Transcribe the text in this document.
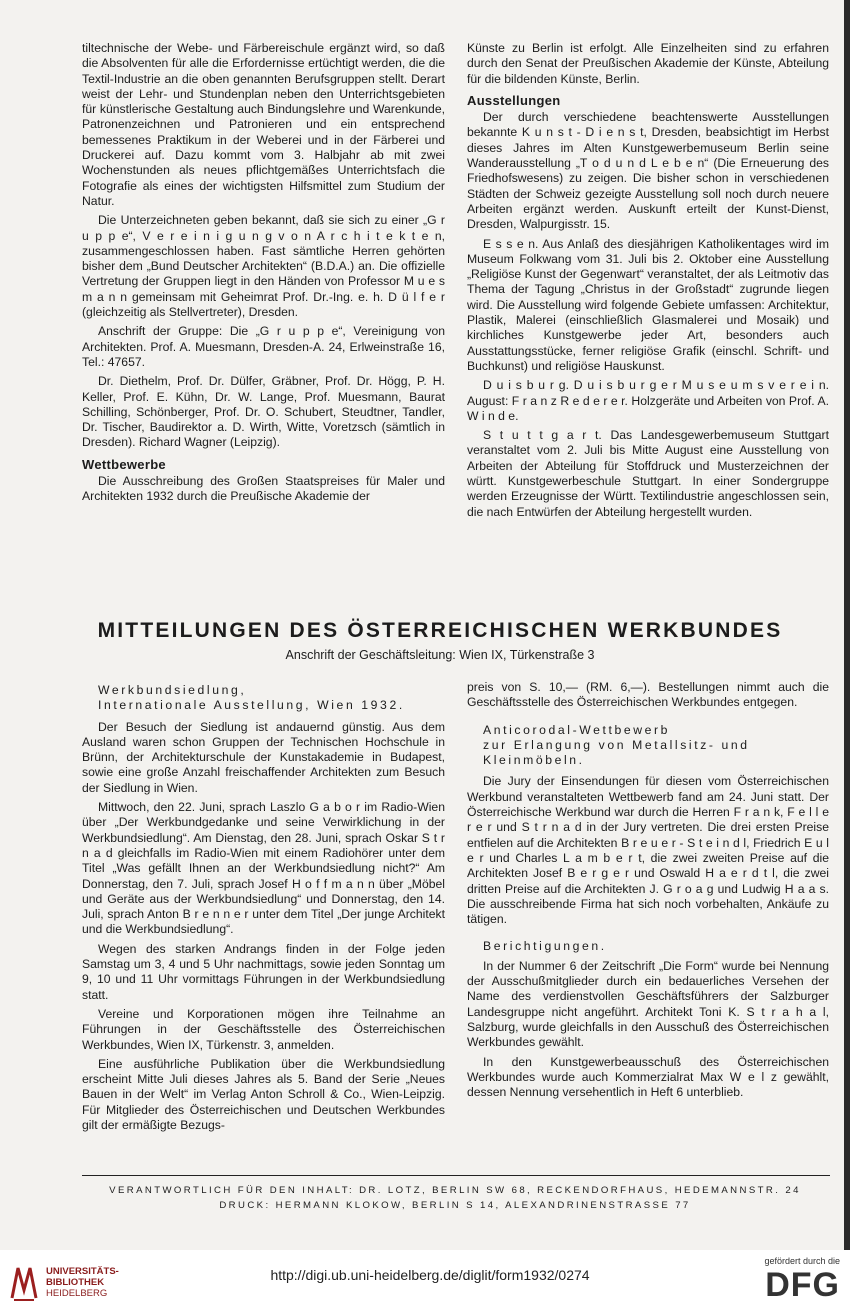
tiltechnische der Webe- und Färbereischule ergänzt wird, so daß die Absolventen für alle die Erfordernisse ertüchtigt werden, die die Textil-Industrie an die oben genannten Berufsgruppen stellt. Derart weist der Lehr- und Stundenplan neben den Unterrichtsgebieten für künstlerische Gestaltung auch Bindungslehre und Warenkunde, Patronenzeichnen und Patronieren und ein entsprechend bemessenes Praktikum in der Weberei und in der Färberei und Druckerei auf. Dazu kommt vom 3. Halbjahr ab mit zwei Wochenstunden als neues pflichtgemäßes Unterrichtsfach die Fotografie als eines der wichtigsten Hilfsmittel zum Studium der Natur.

Die Unterzeichneten geben bekannt, daß sie sich zu einer „G r u p p e“, V e r e i n i g u n g v o n A r c h i t e k t e n, zusammengeschlossen haben. Fast sämtliche Herren gehörten bisher dem „Bund Deutscher Architekten“ (B.D.A.) an. Die offizielle Vertretung der Gruppen liegt in den Händen von Professor M u e s m a n n gemeinsam mit Geheimrat Prof. Dr.-Ing. e. h. D ü l f e r (gleichzeitig als Stellvertreter), Dresden.

Anschrift der Gruppe: Die „G r u p p e“, Vereinigung von Architekten. Prof. A. Muesmann, Dresden-A. 24, Erlweinstraße 16, Tel.: 47657.

Dr. Diethelm, Prof. Dr. Dülfer, Gräbner, Prof. Dr. Högg, P. H. Keller, Prof. E. Kühn, Dr. W. Lange, Prof. Muesmann, Baurat Schilling, Schönberger, Prof. Dr. O. Schubert, Steudtner, Tandler, Dr. Tischer, Baudirektor a. D. Wirth, Witte, Voretzsch (sämtlich in Dresden). Richard Wagner (Leipzig).

Wettbewerbe

Die Ausschreibung des Großen Staatspreises für Maler und Architekten 1932 durch die Preußische Akademie der

Künste zu Berlin ist erfolgt. Alle Einzelheiten sind zu erfahren durch den Senat der Preußischen Akademie der Künste, Abteilung für die bildenden Künste, Berlin.

Ausstellungen

Der durch verschiedene beachtenswerte Ausstellungen bekannte K u n s t - D i e n s t, Dresden, beabsichtigt im Herbst dieses Jahres im Alten Kunstgewerbemuseum Berlin seine Wanderausstellung „T o d u n d L e b e n“ (Die Erneuerung des Friedhofswesens) zu zeigen. Die bisher schon in verschiedenen Städten der Schweiz gezeigte Ausstellung soll noch durch neuere Arbeiten ergänzt werden. Auskunft erteilt der Kunst-Dienst, Dresden, Walpurgisstr. 15.

E s s e n. Aus Anlaß des diesjährigen Katholikentages wird im Museum Folkwang vom 31. Juli bis 2. Oktober eine Ausstellung „Religiöse Kunst der Gegenwart“ veranstaltet, der als Leitmotiv das Thema der Tagung „Christus in der Großstadt“ zugrunde liegen wird. Die Ausstellung wird folgende Gebiete umfassen: Architektur, Plastik, Malerei (einschließlich Glasmalerei und Mosaik) und kirchliches Kunstgewerbe jeder Art, besonders auch Ausstattungsstücke, ferner religiöse Grafik (einschl. Schrift- und Buchkunst) und religiöse Hauskunst.

D u i s b u r g. D u i s b u r g e r M u s e u m s v e r e i n. August: F r a n z R e d e r e r. Holzgeräte und Arbeiten von Prof. A. W i n d e.

S t u t t g a r t. Das Landesgewerbemuseum Stuttgart veranstaltet vom 2. Juli bis Mitte August eine Ausstellung von Arbeiten der Abteilung für Stoffdruck und Musterzeichnen der württ. Kunstgewerbeschule Stuttgart. In einer Sondergruppe werden Erzeugnisse der Württ. Textilindustrie angeschlossen sein, die nach Entwürfen der Abteilung hergestellt wurden.

MITTEILUNGEN DES ÖSTERREICHISCHEN WERKBUNDES

Anschrift der Geschäftsleitung: Wien IX, Türkenstraße 3

Werkbundsiedlung,

Internationale Ausstellung, Wien 1932.

Der Besuch der Siedlung ist andauernd günstig. Aus dem Ausland waren schon Gruppen der Technischen Hochschule in Brünn, der Architekturschule der Kunstakademie in Budapest, sowie eine große Anzahl freischaffender Architekten zum Besuch der Siedlung in Wien.

Mittwoch, den 22. Juni, sprach Laszlo G a b o r im Radio-Wien über „Der Werkbundgedanke und seine Verwirklichung in der Werkbundsiedlung“. Am Dienstag, den 28. Juni, sprach Oskar S t r n a d gleichfalls im Radio-Wien mit einem Radiohörer unter dem Titel „Was gefällt Ihnen an der Werkbundsiedlung nicht?“ Am Donnerstag, den 7. Juli, sprach Josef H o f f m a n n über „Möbel und Geräte aus der Werkbundsiedlung“ und Donnerstag, den 14. Juli, sprach Anton B r e n n e r unter dem Titel „Der junge Architekt und die Werkbundsiedlung“.

Wegen des starken Andrangs finden in der Folge jeden Samstag um 3, 4 und 5 Uhr nachmittags, sowie jeden Sonntag um 9, 10 und 11 Uhr vormittags Führungen in der Werkbundsiedlung statt.

Vereine und Korporationen mögen ihre Teilnahme an Führungen in der Geschäftsstelle des Österreichischen Werkbundes, Wien IX, Türkenstr. 3, anmelden.

Eine ausführliche Publikation über die Werkbundsiedlung erscheint Mitte Juli dieses Jahres als 5. Band der Serie „Neues Bauen in der Welt“ im Verlag Anton Schroll & Co., Wien-Leipzig. Für Mitglieder des Österreichischen und Deutschen Werkbundes gilt der ermäßigte Bezugs-

preis von S. 10,— (RM. 6,—). Bestellungen nimmt auch die Geschäftsstelle des Österreichischen Werkbundes entgegen.

Anticorodal-Wettbewerb

zur Erlangung von Metallsitz- und

Kleinmöbeln.

Die Jury der Einsendungen für diesen vom Österreichischen Werkbund veranstalteten Wettbewerb fand am 24. Juni statt. Der Österreichische Werkbund war durch die Herren F r a n k, F e l l e r e r und S t r n a d in der Jury vertreten. Die drei ersten Preise entfielen auf die Architekten B r e u e r - S t e i n d l, Friedrich E u l e r und Charles L a m b e r t, die zwei zweiten Preise auf die Architekten Josef B e r g e r und Oswald H a e r d t l, die zwei dritten Preise auf die Architekten J. G r o a g und Ludwig H a a s. Die ausschreibende Firma hat sich noch vorbehalten, Ankäufe zu tätigen.

Berichtigungen.

In der Nummer 6 der Zeitschrift „Die Form“ wurde bei Nennung der Ausschußmitglieder durch ein bedauerliches Versehen der Name des verdienstvollen Geschäftsführers der Salzburger Landesgruppe nicht angeführt. Architekt Toni K. S t r a h a l, Salzburg, wurde gleichfalls in den Ausschuß des Österreichischen Werkbundes gewählt.

In den Kunstgewerbeausschuß des Österreichischen Werkbundes wurde auch Kommerzialrat Max W e l z gewählt, dessen Nennung versehentlich in Heft 6 unterblieb.

VERANTWORTLICH FÜR DEN INHALT: DR. LOTZ, BERLIN SW 68, RECKENDORFHAUS, HEDEMANNSTR. 24

DRUCK: HERMANN KLOKOW, BERLIN S 14, ALEXANDRINENSTRASSE 77

UNIVERSITÄTS-
BIBLIOTHEK
HEIDELBERG
http://digi.ub.uni-heidelberg.de/diglit/form1932/0274
gefördert durch die
DFG
